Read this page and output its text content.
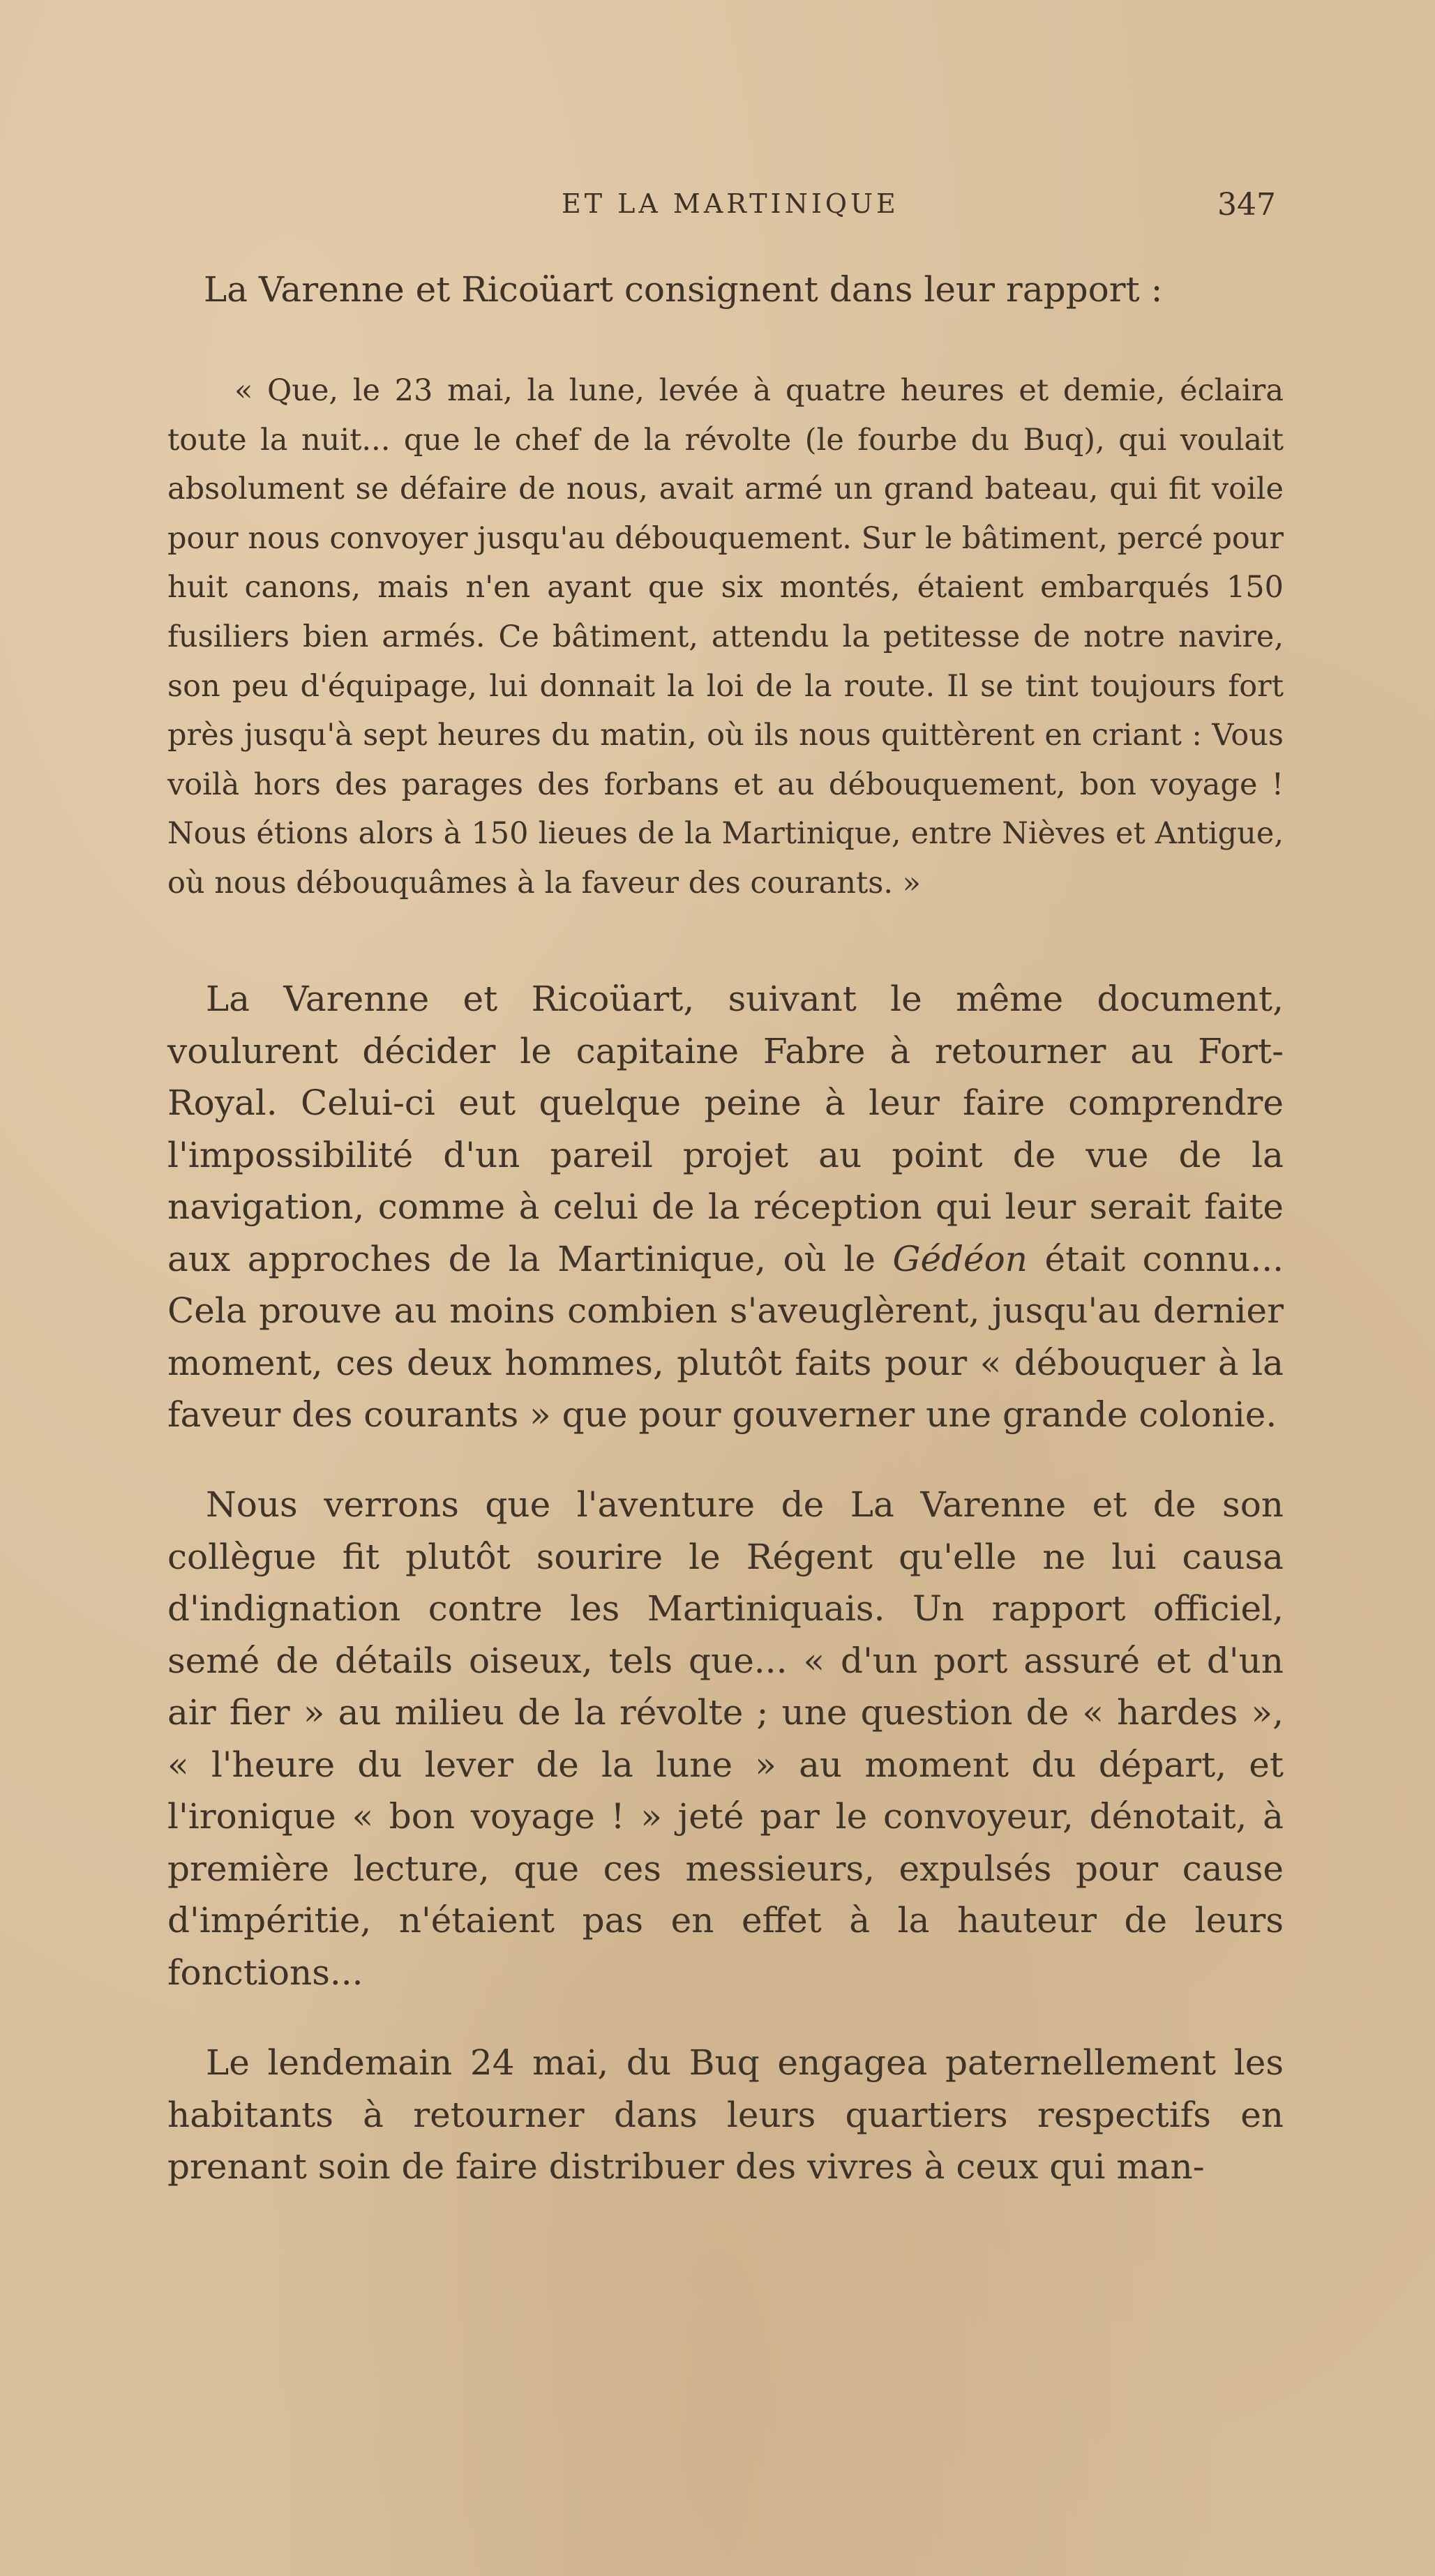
ET LA MARTINIQUE	347

La Varenne et Ricoüart consignent dans leur rapport :

« Que, le 23 mai, la lune, levée à quatre heures et demie, éclaira toute la nuit... que le chef de la révolte (le fourbe du Buq), qui voulait absolument se défaire de nous, avait armé un grand bateau, qui fit voile pour nous convoyer jusqu'au débouquement. Sur le bâtiment, percé pour huit canons, mais n'en ayant que six montés, étaient embarqués 150 fusiliers bien armés. Ce bâtiment, attendu la petitesse de notre navire, son peu d'équipage, lui donnait la loi de la route. Il se tint toujours fort près jusqu'à sept heures du matin, où ils nous quittèrent en criant : Vous voilà hors des parages des forbans et au débouquement, bon voyage ! Nous étions alors à 150 lieues de la Martinique, entre Nièves et Antigue, où nous débouquâmes à la faveur des courants. »

La Varenne et Ricoüart, suivant le même document, voulurent décider le capitaine Fabre à retourner au Fort-Royal. Celui-ci eut quelque peine à leur faire comprendre l'impossibilité d'un pareil projet au point de vue de la navigation, comme à celui de la réception qui leur serait faite aux approches de la Martinique, où le Gédéon était connu... Cela prouve au moins combien s'aveuglèrent, jusqu'au dernier moment, ces deux hommes, plutôt faits pour « débouquer à la faveur des courants » que pour gouverner une grande colonie.

Nous verrons que l'aventure de La Varenne et de son collègue fit plutôt sourire le Régent qu'elle ne lui causa d'indignation contre les Martiniquais. Un rapport officiel, semé de détails oiseux, tels que... « d'un port assuré et d'un air fier » au milieu de la révolte ; une question de « hardes », « l'heure du lever de la lune » au moment du départ, et l'ironique « bon voyage ! » jeté par le convoyeur, dénotait, à première lecture, que ces messieurs, expulsés pour cause d'impéritie, n'étaient pas en effet à la hauteur de leurs fonctions...

Le lendemain 24 mai, du Buq engagea paternellement les habitants à retourner dans leurs quartiers respectifs en prenant soin de faire distribuer des vivres à ceux qui man-
